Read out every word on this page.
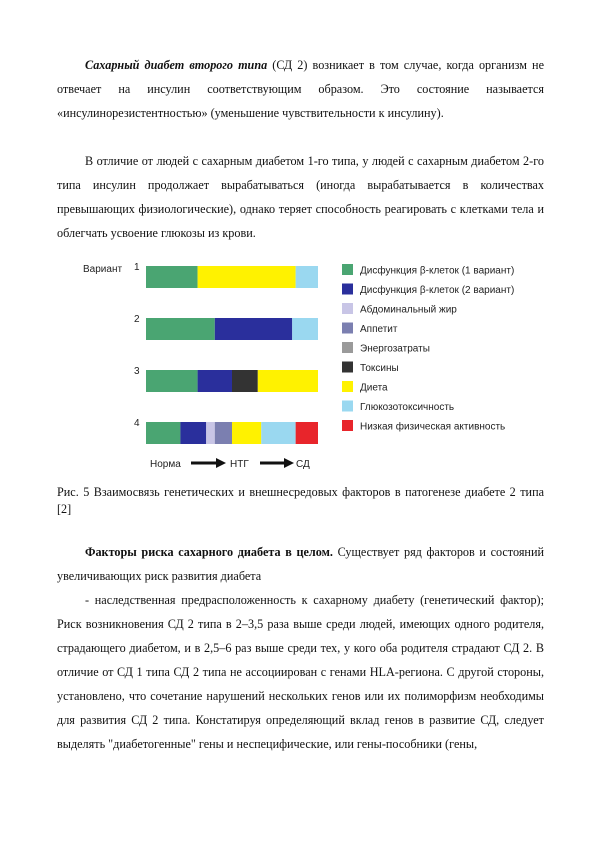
Сахарный диабет второго типа (СД 2) возникает в том случае, когда организм не отвечает на инсулин соответствующим образом. Это состояние называется «инсулинорезистентностью» (уменьшение чувствительности к инсулину).

В отличие от людей с сахарным диабетом 1-го типа, у людей с сахарным диабетом 2-го типа инсулин продолжает вырабатываться (иногда вырабатывается в количествах превышающих физиологические), однако теряет способность реагировать с клетками тела и облегчать усвоение глюкозы из крови.

Вариант 1
2
3
4
Дисфункция β-клеток (1 вариант)
Дисфункция β-клеток (2 вариант)
Абдоминальный жир
Аппетит
Энергозатраты
Токсины
Диета
Глюкозотоксичность
Низкая физическая активность
Норма	НТГ	СД

Рис. 5 Взаимосвязь генетических и внешнесредовых факторов в патогенезе диабете 2 типа [2]

Факторы риска сахарного диабета в целом. Существует ряд факторов и состояний увеличивающих риск развития диабета

- наследственная предрасположенность к сахарному диабету (генетический фактор); Риск возникновения СД 2 типа в 2–3,5 раза выше среди людей, имеющих одного родителя, страдающего диабетом, и в 2,5–6 раз выше среди тех, у кого оба родителя страдают СД 2. В отличие от СД 1 типа СД 2 типа не ассоциирован с генами HLA-региона. С другой стороны, установлено, что сочетание нарушений нескольких генов или их полиморфизм необходимы для развития СД 2 типа. Констатируя определяющий вклад генов в развитие СД, следует выделять "диабетогенные" гены и неспецифические, или гены-пособники (гены,
